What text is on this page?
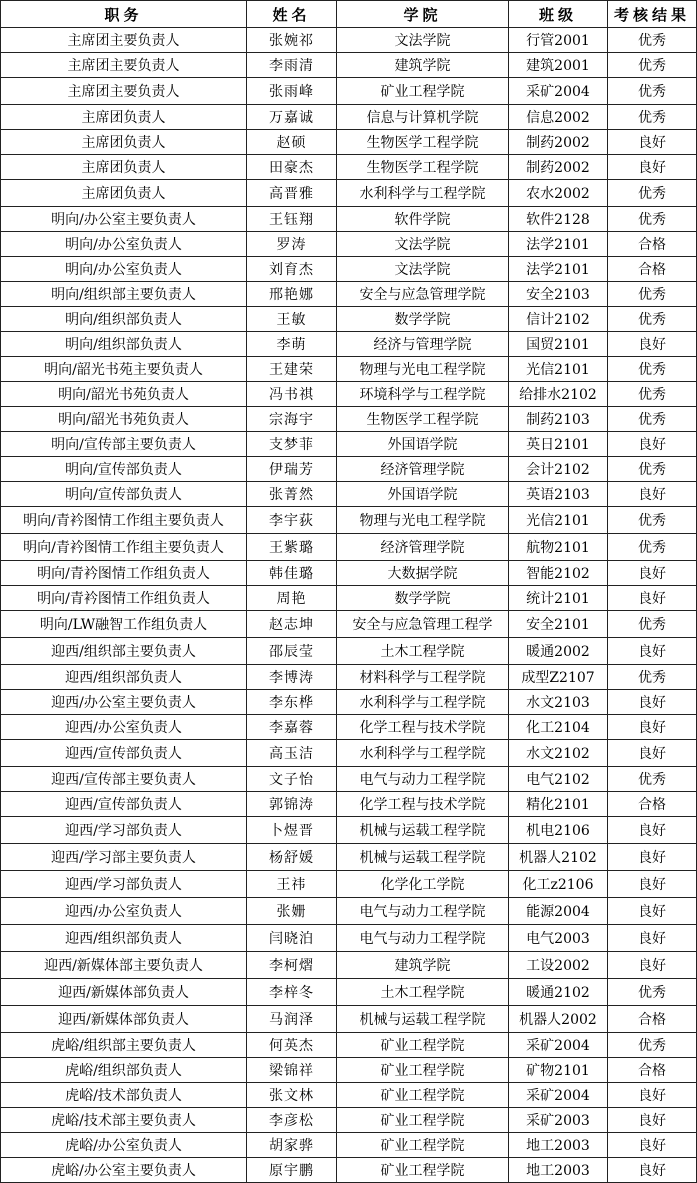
职务	姓名	学院	班级	考核结果
主席团主要负责人	张婉祁	文法学院	行管2001	优秀
主席团主要负责人	李雨清	建筑学院	建筑2001	优秀
主席团主要负责人	张雨峰	矿业工程学院	采矿2004	优秀
主席团负责人	万嘉诚	信息与计算机学院	信息2002	优秀
主席团负责人	赵硕	生物医学工程学院	制药2002	良好
主席团负责人	田豪杰	生物医学工程学院	制药2002	良好
主席团负责人	高晋雅	水利科学与工程学院	农水2002	优秀
明向/办公室主要负责人	王钰翔	软件学院	软件2128	优秀
明向/办公室负责人	罗涛	文法学院	法学2101	合格
明向/办公室负责人	刘育杰	文法学院	法学2101	合格
明向/组织部主要负责人	邢艳娜	安全与应急管理学院	安全2103	优秀
明向/组织部负责人	王敏	数学学院	信计2102	优秀
明向/组织部负责人	李萌	经济与管理学院	国贸2101	良好
明向/韶光书苑主要负责人	王建荣	物理与光电工程学院	光信2101	优秀
明向/韶光书苑负责人	冯书祺	环境科学与工程学院	给排水2102	优秀
明向/韶光书苑负责人	宗海宇	生物医学工程学院	制药2103	优秀
明向/宣传部主要负责人	支梦菲	外国语学院	英日2101	良好
明向/宣传部负责人	伊瑞芳	经济管理学院	会计2102	优秀
明向/宣传部负责人	张菁然	外国语学院	英语2103	良好
明向/青衿图情工作组主要负责人	李宇荻	物理与光电工程学院	光信2101	优秀
明向/青衿图情工作组主要负责人	王紫璐	经济管理学院	航物2101	优秀
明向/青衿图情工作组负责人	韩佳璐	大数据学院	智能2102	良好
明向/青衿图情工作组负责人	周艳	数学学院	统计2101	良好
明向/LW融智工作组负责人	赵志坤	安全与应急管理工程学	安全2101	优秀
迎西/组织部主要负责人	邵辰莹	土木工程学院	暖通2002	良好
迎西/组织部负责人	李博涛	材料科学与工程学院	成型Z2107	优秀
迎西/办公室主要负责人	李东桦	水利科学与工程学院	水文2103	良好
迎西/办公室负责人	李嘉蓉	化学工程与技术学院	化工2104	良好
迎西/宣传部负责人	高玉洁	水利科学与工程学院	水文2102	良好
迎西/宣传部主要负责人	文子怡	电气与动力工程学院	电气2102	优秀
迎西/宣传部负责人	郭锦涛	化学工程与技术学院	精化2101	合格
迎西/学习部负责人	卜煜晋	机械与运载工程学院	机电2106	良好
迎西/学习部主要负责人	杨舒媛	机械与运载工程学院	机器人2102	良好
迎西/学习部负责人	王祎	化学化工学院	化工z2106	良好
迎西/办公室负责人	张姗	电气与动力工程学院	能源2004	良好
迎西/组织部负责人	闫晓泊	电气与动力工程学院	电气2003	良好
迎西/新媒体部主要负责人	李柯熠	建筑学院	工设2002	良好
迎西/新媒体部负责人	李梓冬	土木工程学院	暖通2102	优秀
迎西/新媒体部负责人	马润泽	机械与运载工程学院	机器人2002	合格
虎峪/组织部主要负责人	何英杰	矿业工程学院	采矿2004	优秀
虎峪/组织部负责人	梁锦祥	矿业工程学院	矿物2101	合格
虎峪/技术部负责人	张文林	矿业工程学院	采矿2004	良好
虎峪/技术部主要负责人	李彦松	矿业工程学院	采矿2003	良好
虎峪/办公室负责人	胡家骅	矿业工程学院	地工2003	良好
虎峪/办公室主要负责人	原宇鹏	矿业工程学院	地工2003	良好
